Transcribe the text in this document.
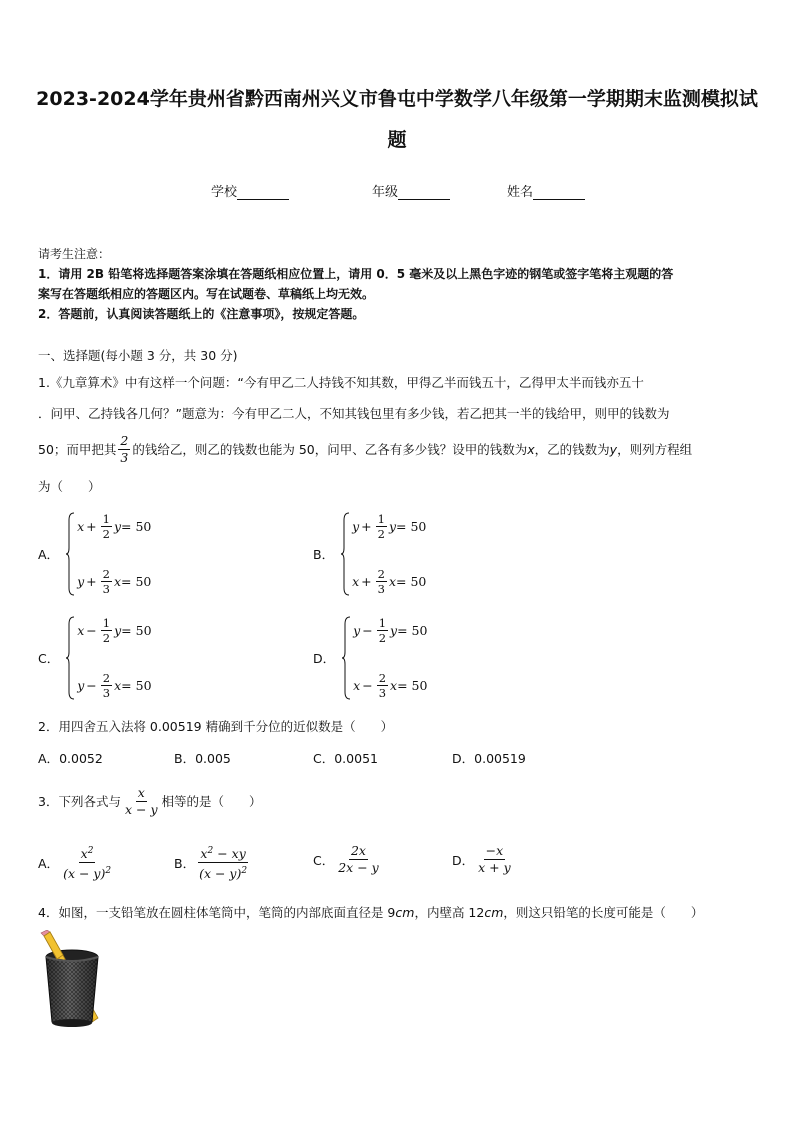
2023-2024学年贵州省黔西南州兴义市鲁屯中学数学八年级第一学期期末监测模拟试
题
学校	年级	姓名
请考生注意：
1．请用 2B 铅笔将选择题答案涂填在答题纸相应位置上，请用 0．5 毫米及以上黑色字迹的钢笔或签字笔将主观题的答
案写在答题纸相应的答题区内。写在试题卷、草稿纸上均无效。
2．答题前，认真阅读答题纸上的《注意事项》，按规定答题。
一、选择题(每小题 3 分，共 30 分)
1.《九章算术》中有这样一个问题：“今有甲乙二人持钱不知其数，甲得乙半而钱五十，乙得甲太半而钱亦五十
．问甲、乙持钱各几何？”题意为：今有甲乙二人，不知其钱包里有多少钱，若乙把其一半的钱给甲，则甲的钱数为
50；而甲把其 $\frac{2}{3}$ 的钱给乙，则乙的钱数也能为 50，问甲、乙各有多少钱？设甲的钱数为 x ，乙的钱数为 y ，则列方程组
为（　　）
A．
$x + \frac{1}{2}$ y = 50
$y + \frac{2}{3}$ x = 50
B．
$y + \frac{1}{2}$ y = 50
$x + \frac{2}{3}$ x = 50
C．
$x - \frac{1}{2}$ y = 50
$y - \frac{2}{3}$ x = 50
D．
$y - \frac{1}{2}$ y = 50
$x - \frac{2}{3}$ x = 50
2．用四舍五入法将 0.00519 精确到千分位的近似数是（　　）
A．0.0052	B．0.005	C．0.0051	D．0.00519
3．下列各式与 $\frac{x}{x - y}$ 相等的是（　　）
A． $\frac{x^2}{(x - y)^2}$	B． $\frac{x^2 - xy}{(x - y)^2}$	C． $\frac{2x}{2x - y}$	D． $\frac{-x}{x + y}$
4．如图，一支铅笔放在圆柱体笔筒中，笔筒的内部底面直径是 9cm，内壁高 12cm，则这只铅笔的长度可能是（　　）
